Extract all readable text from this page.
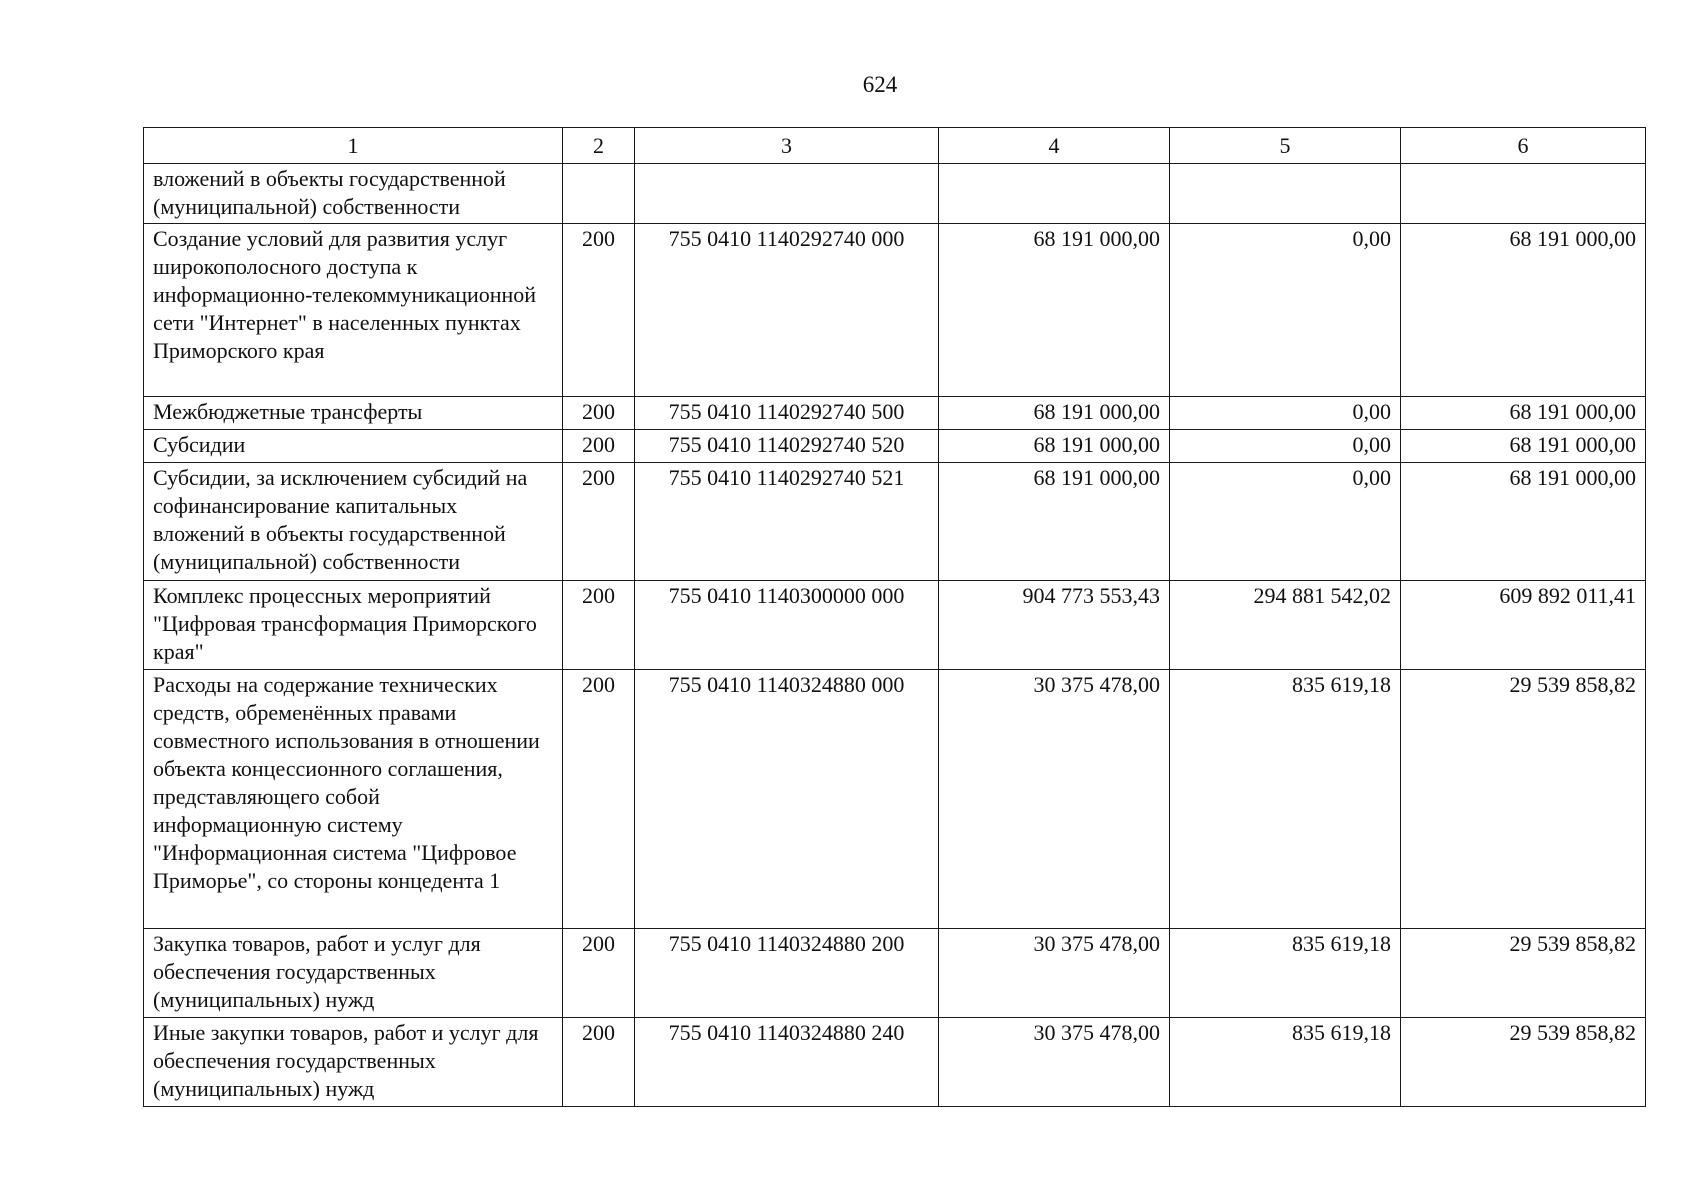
624
1	2	3	4	5	6
вложений в объекты государственной (муниципальной) собственности					
Создание условий для развития услуг широкополосного доступа к информационно-телекоммуникационной сети "Интернет" в населенных пунктах Приморского края	200	755 0410 1140292740 000	68 191 000,00	0,00	68 191 000,00
Межбюджетные трансферты	200	755 0410 1140292740 500	68 191 000,00	0,00	68 191 000,00
Субсидии	200	755 0410 1140292740 520	68 191 000,00	0,00	68 191 000,00
Субсидии, за исключением субсидий на софинансирование капитальных вложений в объекты государственной (муниципальной) собственности	200	755 0410 1140292740 521	68 191 000,00	0,00	68 191 000,00
Комплекс процессных мероприятий "Цифровая трансформация Приморского края"	200	755 0410 1140300000 000	904 773 553,43	294 881 542,02	609 892 011,41
Расходы на содержание технических средств, обременённых правами совместного использования в отношении объекта концессионного соглашения, представляющего собой информационную систему "Информационная система "Цифровое Приморье", со стороны концедента 1	200	755 0410 1140324880 000	30 375 478,00	835 619,18	29 539 858,82
Закупка товаров, работ и услуг для обеспечения государственных (муниципальных) нужд	200	755 0410 1140324880 200	30 375 478,00	835 619,18	29 539 858,82
Иные закупки товаров, работ и услуг для обеспечения государственных (муниципальных) нужд	200	755 0410 1140324880 240	30 375 478,00	835 619,18	29 539 858,82
